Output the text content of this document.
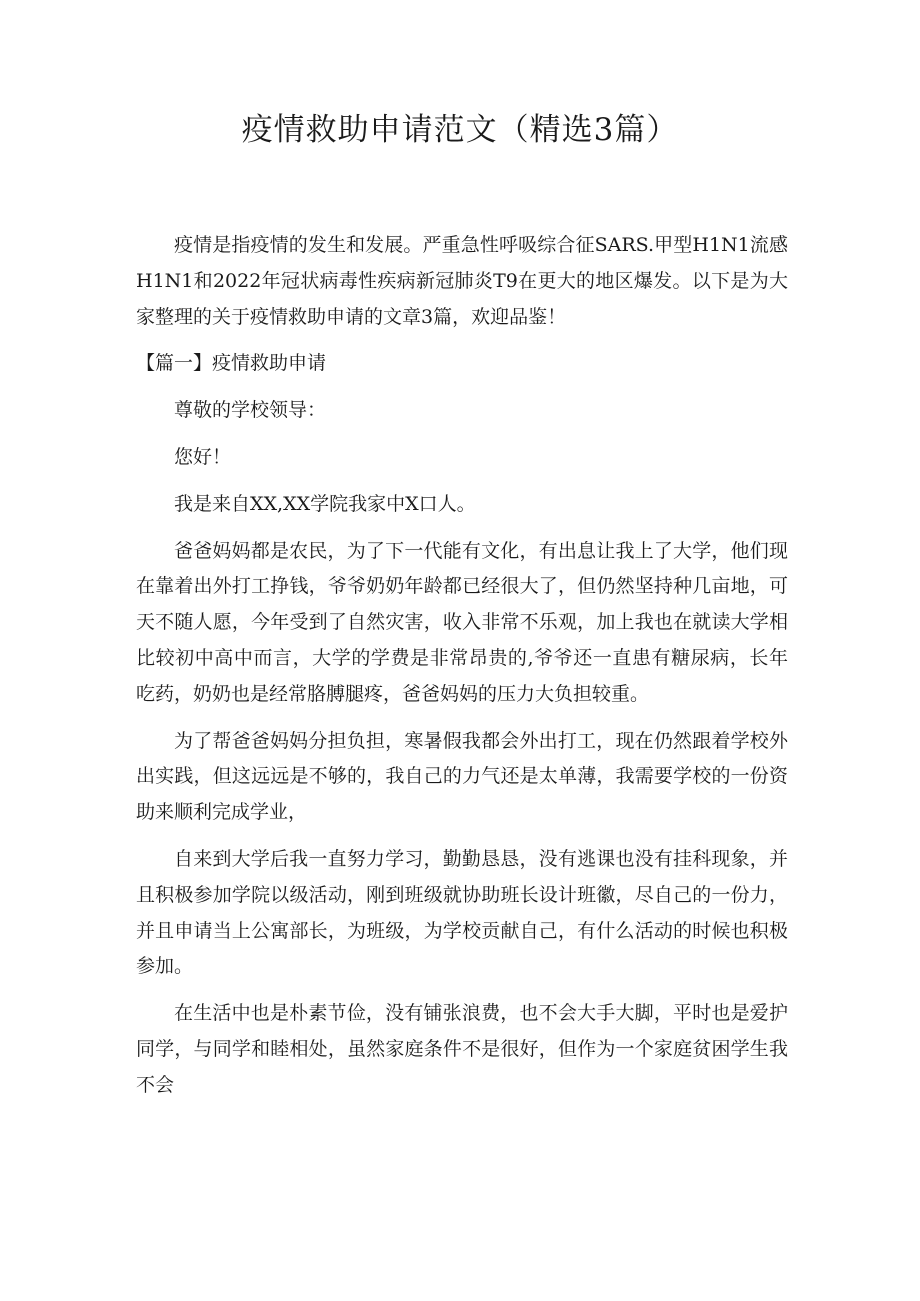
疫情救助申请范文（精选3篇）

疫情是指疫情的发生和发展。严重急性呼吸综合征SARS.甲型H1N1流感H1N1和2022年冠状病毒性疾病新冠肺炎T9在更大的地区爆发。以下是为大家整理的关于疫情救助申请的文章3篇，欢迎品鉴！

【篇一】疫情救助申请

尊敬的学校领导：

您好！

我是来自XX,XX学院我家中X口人。

爸爸妈妈都是农民，为了下一代能有文化，有出息让我上了大学，他们现在靠着出外打工挣钱，爷爷奶奶年龄都已经很大了，但仍然坚持种几亩地，可天不随人愿，今年受到了自然灾害，收入非常不乐观，加上我也在就读大学相比较初中高中而言，大学的学费是非常昂贵的,爷爷还一直患有糖尿病，长年吃药，奶奶也是经常胳膊腿疼，爸爸妈妈的压力大负担较重。

为了帮爸爸妈妈分担负担，寒暑假我都会外出打工，现在仍然跟着学校外出实践，但这远远是不够的，我自己的力气还是太单薄，我需要学校的一份资助来顺利完成学业，

自来到大学后我一直努力学习，勤勤恳恳，没有逃课也没有挂科现象，并且积极参加学院以级活动，刚到班级就协助班长设计班徽，尽自己的一份力，并且申请当上公寓部长，为班级，为学校贡献自己，有什么活动的时候也积极参加。

在生活中也是朴素节俭，没有铺张浪费，也不会大手大脚，平时也是爱护同学，与同学和睦相处，虽然家庭条件不是很好，但作为一个家庭贫困学生我不会
